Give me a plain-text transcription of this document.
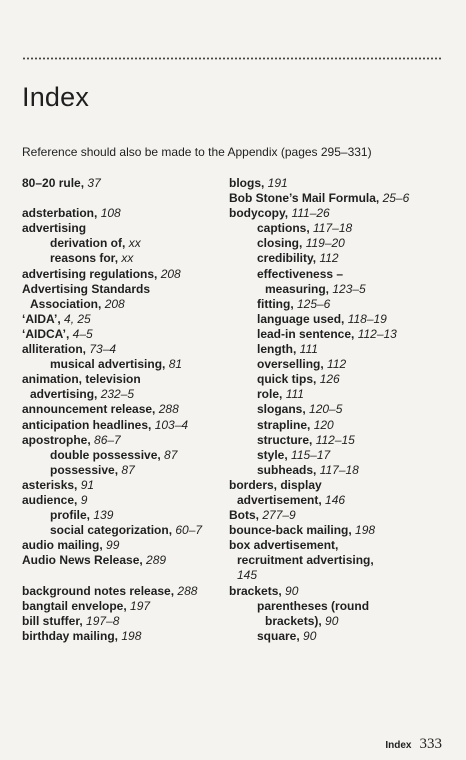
Index
Reference should also be made to the Appendix (pages 295–331)
80–20 rule, 37
adsterbation, 108
advertising
derivation of, xx
reasons for, xx
advertising regulations, 208
Advertising Standards
Association, 208
‘AIDA’, 4, 25
‘AIDCA’, 4–5
alliteration, 73–4
musical advertising, 81
animation, television
advertising, 232–5
announcement release, 288
anticipation headlines, 103–4
apostrophe, 86–7
double possessive, 87
possessive, 87
asterisks, 91
audience, 9
profile, 139
social categorization, 60–7
audio mailing, 99
Audio News Release, 289
background notes release, 288
bangtail envelope, 197
bill stuffer, 197–8
birthday mailing, 198
blogs, 191
Bob Stone’s Mail Formula, 25–6
bodycopy, 111–26
captions, 117–18
closing, 119–20
credibility, 112
effectiveness –
measuring, 123–5
fitting, 125–6
language used, 118–19
lead-in sentence, 112–13
length, 111
overselling, 112
quick tips, 126
role, 111
slogans, 120–5
strapline, 120
structure, 112–15
style, 115–17
subheads, 117–18
borders, display
advertisement, 146
Bots, 277–9
bounce-back mailing, 198
box advertisement,
recruitment advertising,
145
brackets, 90
parentheses (round
brackets), 90
square, 90
Index 333
